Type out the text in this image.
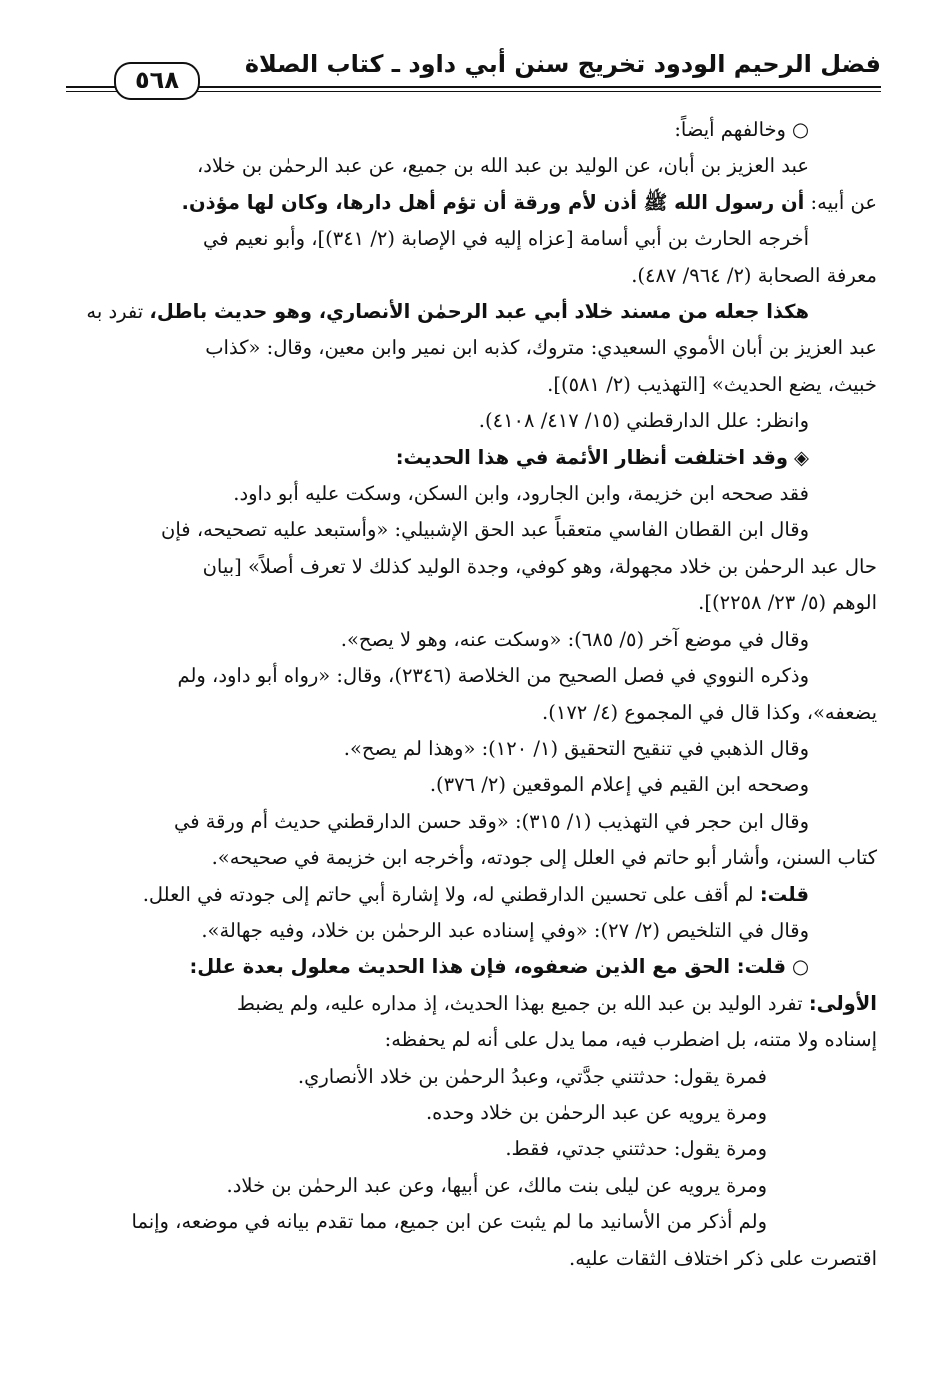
فضل الرحيم الودود تخريج سنن أبي داود ـ كتاب الصلاة
٥٦٨

○وخالفهم أيضاً:

عبد العزيز بن أبان، عن الوليد بن عبد الله بن جميع، عن عبد الرحمٰن بن خلاد،

عن أبيه: أن رسول الله ﷺ أذن لأم ورقة أن تؤم أهل دارها، وكان لها مؤذن.

أخرجه الحارث بن أبي أسامة [عزاه إليه في الإصابة (٢/ ٣٤١)]، وأبو نعيم في

معرفة الصحابة (٢/ ٩٦٤/ ٤٨٧).

هكذا جعله من مسند خلاد أبي عبد الرحمٰن الأنصاري، وهو حديث باطل، تفرد به

عبد العزيز بن أبان الأموي السعيدي: متروك، كذبه ابن نمير وابن معين، وقال: «كذاب

خبيث، يضع الحديث» [التهذيب (٢/ ٥٨١)].

وانظر: علل الدارقطني (١٥/ ٤١٧/ ٤١٠٨).

◈وقد اختلفت أنظار الأئمة في هذا الحديث:

فقد صححه ابن خزيمة، وابن الجارود، وابن السكن، وسكت عليه أبو داود.

وقال ابن القطان الفاسي متعقباً عبد الحق الإشبيلي: «وأستبعد عليه تصحيحه، فإن

حال عبد الرحمٰن بن خلاد مجهولة، وهو كوفي، وجدة الوليد كذلك لا تعرف أصلاً» [بيان

الوهم (٥/ ٢٣/ ٢٢٥٨)].

وقال في موضع آخر (٥/ ٦٨٥): «وسكت عنه، وهو لا يصح».

وذكره النووي في فصل الصحيح من الخلاصة (٢٣٤٦)، وقال: «رواه أبو داود، ولم

يضعفه»، وكذا قال في المجموع (٤/ ١٧٢).

وقال الذهبي في تنقيح التحقيق (١/ ١٢٠): «وهذا لم يصح».

وصححه ابن القيم في إعلام الموقعين (٢/ ٣٧٦).

وقال ابن حجر في التهذيب (١/ ٣١٥): «وقد حسن الدارقطني حديث أم ورقة في

كتاب السنن، وأشار أبو حاتم في العلل إلى جودته، وأخرجه ابن خزيمة في صحيحه».

قلت: لم أقف على تحسين الدارقطني له، ولا إشارة أبي حاتم إلى جودته في العلل.

وقال في التلخيص (٢/ ٢٧): «وفي إسناده عبد الرحمٰن بن خلاد، وفيه جهالة».

○قلت: الحق مع الذين ضعفوه، فإن هذا الحديث معلول بعدة علل:

الأولى: تفرد الوليد بن عبد الله بن جميع بهذا الحديث، إذ مداره عليه، ولم يضبط

إسناده ولا متنه، بل اضطرب فيه، مما يدل على أنه لم يحفظه:

فمرة يقول: حدثتني جدَّتي، وعبدُ الرحمٰن بن خلاد الأنصاري.

ومرة يرويه عن عبد الرحمٰن بن خلاد وحده.

ومرة يقول: حدثتني جدتي، فقط.

ومرة يرويه عن ليلى بنت مالك، عن أبيها، وعن عبد الرحمٰن بن خلاد.

ولم أذكر من الأسانيد ما لم يثبت عن ابن جميع، مما تقدم بيانه في موضعه، وإنما

اقتصرت على ذكر اختلاف الثقات عليه.
